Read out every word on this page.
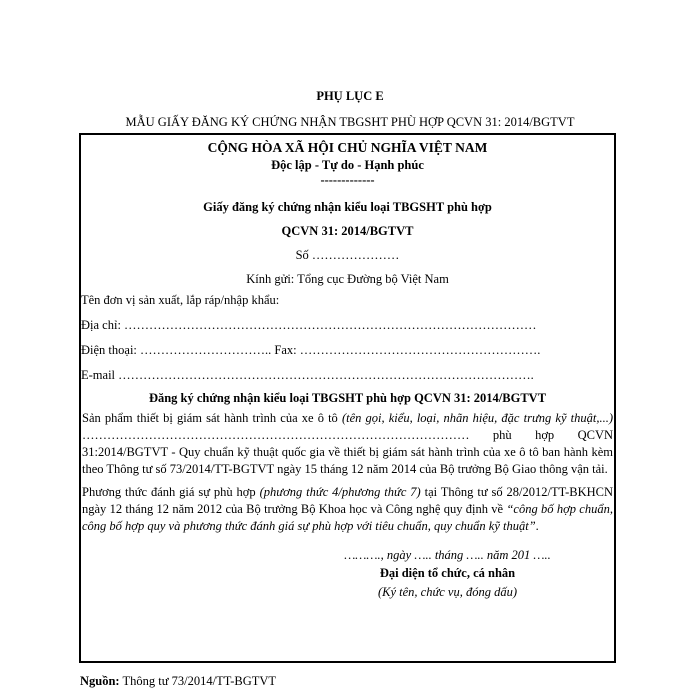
PHỤ LỤC E
MẪU GIẤY ĐĂNG KÝ CHỨNG NHẬN TBGSHT PHÙ HỢP QCVN 31: 2014/BGTVT
CỘNG HÒA XÃ HỘI CHỦ NGHĨA VIỆT NAM
Độc lập - Tự do - Hạnh phúc
-------------
Giấy đăng ký chứng nhận kiểu loại TBGSHT phù hợp
QCVN 31: 2014/BGTVT
Số …………………
Kính gửi: Tổng cục Đường bộ Việt Nam
Tên đơn vị sản xuất, lắp ráp/nhập khẩu:
Địa chỉ: ………………………………………………………………………………………
Điện thoại: ………………………….. Fax: ………………………………………………….
E-mail ……………………………………………………………………………………….
Đăng ký chứng nhận kiểu loại TBGSHT phù hợp QCVN 31: 2014/BGTVT
Sản phẩm thiết bị giám sát hành trình của xe ô tô (tên gọi, kiểu, loại, nhãn hiệu, đặc trưng kỹ thuật,...) ………………………………………………………………………………… phù hợp QCVN 31:2014/BGTVT - Quy chuẩn kỹ thuật quốc gia về thiết bị giám sát hành trình của xe ô tô ban hành kèm theo Thông tư số 73/2014/TT-BGTVT ngày 15 tháng 12 năm 2014 của Bộ trưởng Bộ Giao thông vận tải.
Phương thức đánh giá sự phù hợp (phương thức 4/phương thức 7) tại Thông tư số 28/2012/TT-BKHCN ngày 12 tháng 12 năm 2012 của Bộ trưởng Bộ Khoa học và Công nghệ quy định về “công bố hợp chuẩn, công bố hợp quy và phương thức đánh giá sự phù hợp với tiêu chuẩn, quy chuẩn kỹ thuật”.
………., ngày ….. tháng ….. năm 201 …..
Đại diện tổ chức, cá nhân
(Ký tên, chức vụ, đóng dấu)
Nguồn: Thông tư 73/2014/TT-BGTVT
